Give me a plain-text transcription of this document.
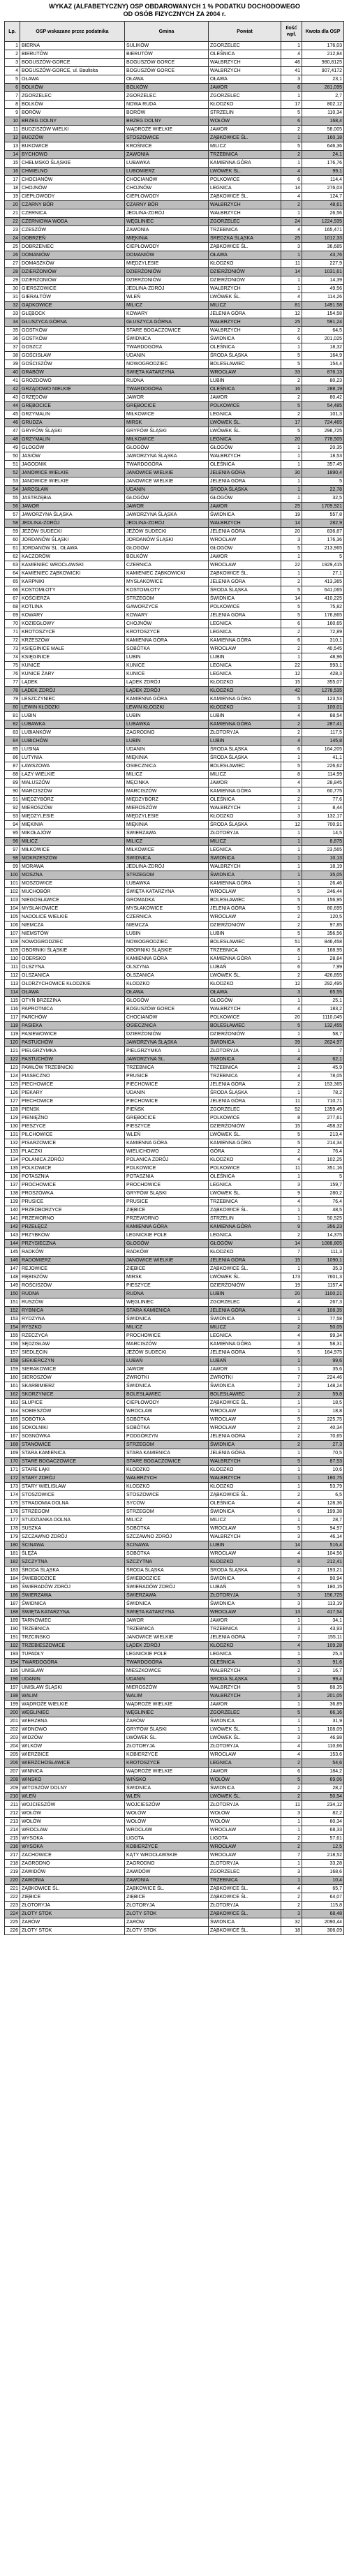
WYKAZ (ALFABETYCZNY) OSP OBDAROWANYCH 1 % PODATKU DOCHODOWEGO
OD OSÓB FIZYCZNYCH ZA 2004 r.
Lp.	OSP wskazane przez podatnika	Gmina	Powiat	Ilość wpł.	Kwota dla OSP
1	BIERNA	SULIKÓW	ZGORZELEC	1	176,03
2	BIERUTÓW	BIERUTÓW	OLEŚNICA	4	212,84
3	BOGUSZÓW-GORCE	BOGUSZÓW GORCE	WAŁBRZYCH	46	980,8125
4	BOGUSZÓW-GORCE, ul. Bauliska	BOGUSZÓW GORCE	WAŁBRZYCH	41	907,4172
5	OŁAWA	OŁAWA	OŁAWA	3	23,1
6	BOLKÓW	BOLKÓW	JAWOR	8	281,095
7	ZGORZELEC	ZGORZELEC	ZGORZELEC	1	2,7
8	BOLKÓW	NOWA RUDA	KŁODZKO	17	802,12
9	BORÓW	BORÓW	STRZELIN	5	110,34
10	BRZEG DOLNY	BRZEG DOLNY	WOŁÓW	6	168,4
11	BUDZISZÓW WIELKI	WĄDROŻE WIELKIE	JAWOR	2	58,005
12	BUDZÓW	STOSZOWICE	ZĄBKOWICE ŚL.	1	160,18
13	BUKOWICE	KROŚNICE	MILICZ	5	646,36
14	BYCHOWO	ZAWONIA	TRZEBNICA	2	24,1
15	CHEŁMSKO ŚLĄSKIE	LUBAWKA	KAMIENNA GÓRA	1	176,76
16	CHMIELNO	LUBOMIERZ	LWÓWEK ŚL.	4	99,1
17	CHOCIANÓW	CHOCIANÓW	POLKOWICE	6	114,4
18	CHOJNÓW	CHOJNÓW	LEGNICA	14	276,03
19	CIEPŁOWODY	CIEPŁOWODY	ZĄBKOWICE ŚL.	4	124,7
20	CZARNY BÓR	CZARNY BÓR	WAŁBRZYCH	2	48,61
21	CZERNICA	JEDLINA-ZDRÓJ	WAŁBRZYCH	1	26,56
22	CZERNIOWA WODA	WĘGLINIEC	ZGORZELEC	24	1224,935
23	CZESZÓW	ZAWONIA	TRZEBNICA	4	165,471
24	DOBRZEŃ	MIĘKINIA	ŚREDZKA ŚLĄSKA	25	1012,33
25	DOBRZENIEC	CIEPŁOWODY	ZĄBKOWICE ŚL.	3	36,685
26	DOMANIÓW	DOMANIÓW	OŁAWA	1	43,76
27	DOMASZKÓW	MIĘDZYLESIE	KŁODZKO	11	227,9
28	DZIERŻONIÓW	DZIERŻONIÓW	DZIERŻONIÓW	14	1031,61
29	DZIERŻONIÓW	DZIERŻONIÓW	DZIERŻONIÓW	1	14,39
30	GIERSZOWICE	JEDLINA-ZDRÓJ	WAŁBRZYCH	1	49,56
31	GIERAŁTÓW	WLEŃ	LWÓWEK ŚL.	4	114,26
32	GĄDKOWICE	MILICZ	MILICZ	81	1491,58
33	GŁĘBOCK	KOWARY	JELENIA GÓRA	12	154,58
34	GŁUSZYCA GÓRNA	GŁUSZYCA GÓRNA	WAŁBRZYCH	25	591,24
35	GOSTKÓW	STARE BOGACZOWICE	WAŁBRZYCH	2	64,5
36	GOSTKÓW	ŚWIDNICA	ŚWIDNICA	6	201,025
37	GOSZCZ	TWARDOGÓRA	OLEŚNICA	1	18,32
38	GOŚCISŁAW	UDANIN	ŚRODA ŚLĄSKA	5	164,9
39	GOŚCISZÓW	NOWOGRODZIEC	BOLESŁAWIEC	5	154,4
40	GRABÓW	ŚWIĘTA KATARZYNA	WROCŁAW	33	876,13
41	GROZDOWO	RUDNA	LUBIN	2	80,23
42	GRZĄDOWO NIELKIE	TWARDOGÓRA	OLEŚNICA	16	288,19
43	GRZĘDÓW	JAWOR	JAWOR	2	80,42
44	GRĘBOCICE	GRĘBOCICE	POLKOWICE	5	54,485
45	GRZYMALIN	MIŁKOWICE	LEGNICA	2	101,3
46	GRUDZA	MIRSK	LWÓWEK ŚL.	17	724,465
47	GRYFÓW ŚLĄSKI	GRYFÓW ŚLĄSKI	LWÓWEK ŚL.	5	296,725
48	GRZYMALIN	MIŁKOWICE	LEGNICA	20	778,505
49	GŁOGÓW	GŁOGÓW	GŁOGÓW	1	20,35
50	JASIÓW	JAWORZYNA ŚLĄSKA	WAŁBRZYCH	1	18,53
51	JAGODNIK	TWARDOGÓRA	OLEŚNICA	1	357,45
52	JANOWICE WIELKIE	JANOWICE WIELKIE	JELENIA GÓRA	30	1890,4
53	JANOWICE WIELKIE	JANOWICE WIELKIE	JELENIA GÓRA	1	5
54	JAROSŁAW	UDANIN	ŚRODA ŚLĄSKA	1	22,78
55	JASTRZĘBIA	GŁOGÓW	GŁOGÓW	1	32,5
56	JAWOR	JAWOR	JAWOR	25	1709,921
57	JAWORZYNA ŚLĄSKA	JAWORZYNA ŚLĄSKA	ŚWIDNICA	19	557,8
58	JEDLINA-ZDRÓJ	JEDLINA-ZDRÓJ	WAŁBRZYCH	14	282,9
59	JEŻÓW SUDECKI	JEŻÓW SUDECKI	JELENIA GÓRA	20	836,87
60	JORDANÓW ŚLĄSKI	JORDANÓW ŚLĄSKI	WROCŁAW	3	176,36
61	JORDANÓW ŚL. OŁAWA	GŁOGÓW	GŁOGÓW	5	213,965
62	KACZORÓW	BOLKÓW	JAWOR	1	5
63	KAMIENIEC WROCŁAWSKI	CZERNICA	WROCŁAW	22	1929,415
64	KAMIENIEC ZĄBKOWICKI	KAMIENIEC ZĄBKOWICKI	ZĄBKOWICE ŚL.	1	27,1
65	KARPNIKI	MYSŁAKOWICE	JELENIA GÓRA	2	413,365
66	KOSTOMŁOTY	KOSTOMŁOTY	ŚRODA ŚLĄSKA	5	641,065
67	KOŚCIERZA	STRZEGOM	ŚWIDNICA	14	410,225
68	KOTLINA	GAWORZYCE	POLKOWICE	5	75,82
69	KOWARY	KOWARY	JELENIA GÓRA	5	176,865
70	KOZIEGŁOWY	CHOJNÓW	LEGNICA	6	160,65
71	KROTOSZYCE	KROTOSZYCE	LEGNICA	2	72,89
72	KRZESZÓW	KAMIENNA GÓRA	KAMIENNA GÓRA	6	310,1
73	KSIĘGINICE MAŁE	SOBÓTKA	WROCŁAW	2	40,545
74	KSIĘGINICE	LUBIN	LUBIN	1	48,96
75	KUNICE	KUNICE	LEGNICA	22	993,1
76	KUNICE ŻARY	KUNICE	LEGNICA	12	428,3
77	LĄDEK	LĄDEK ZDRÓJ	KŁODZKO	15	355,07
78	LĄDEK ZDRÓJ	LĄDEK ZDRÓJ	KŁODZKO	42	1278,535
79	LESZCZYNIEC	KAMIENNA GÓRA	KAMIENNA GÓRA	5	123,53
80	LEWIN KŁODZKI	LEWIN KŁODZKI	KŁODZKO	1	100,01
81	LUBIN	LUBIN	LUBIN	4	88,54
82	LUBAWKA	LUBAWKA	KAMIENNA GÓRA	2	287,41
83	LUBIANKÓW	ZAGRODNO	ZŁOTORYJA	2	117,5
84	LUBICHÓW	LUBIN	LUBIN	4	145,8
85	LUSINA	UDANIN	ŚRODA ŚLĄSKA	6	164,205
86	LUTYNIA	MIĘKINIA	ŚRODA ŚLĄSKA	1	41,1
87	ŁAWSZOWA	OSIECZNICA	BOLESŁAWIEC	5	226,62
88	ŁAZY WIELKIE	MILICZ	MILICZ	8	114,99
89	MALUSZÓW	MĘCINKA	JAWOR	4	28,845
90	MARCISZÓW	MARCISZÓW	KAMIENNA GÓRA	3	60,775
91	MIĘDZYBÓRZ	MIĘDZYBÓRZ	OLEŚNICA	2	77,6
92	MIEROSZÓW	MIEROSZÓW	WAŁBRZYCH	1	8,44
93	MIĘDZYLESIE	MIĘDZYLESIE	KŁODZKO	3	132,17
94	MIĘKINIA	MIĘKINIA	ŚRODA ŚLĄSKA	12	700,91
95	MIKOŁAJÓW	ŚWIERZAWA	ZŁOTORYJA	1	14,5
96	MILICZ	MILICZ	MILICZ	1	8,875
97	MIŁKOWICE	MIŁKOWICE	LEGNICA	1	23,565
98	MOKRZESZÓW	ŚWIDNICA	ŚWIDNICA	1	10,13
99	MORAWA	JEDLINA-ZDRÓJ	WAŁBRZYCH	1	18,19
100	MOSZNA	STRZEGOM	ŚWIDNICA	1	35,05
101	MOSZOWICE	LUBAWKA	KAMIENNA GÓRA	1	26,46
102	MUCHOBÓR	ŚWIĘTA KATARZYNA	WROCŁAW	5	246,44
103	NIEGOSŁAWICE	GROMADKA	BOLESŁAWIEC	5	156,95
104	MYSŁAKOWICE	MYSŁAKOWICE	JELENIA GÓRA	5	80,695
105	NADOLICE WIELKIE	CZERNICA	WROCŁAW	2	120,5
106	NIEMCZA	NIEMCZA	DZIERŻONIÓW	2	97,85
107	NIEMSTÓW	LUBIN	LUBIN	5	356,56
108	NOWOGRODZIEC	NOWOGRODZIEC	BOLESŁAWIEC	51	846,458
109	OBORNIKI ŚLĄSKIE	OBORNIKI ŚLĄSKIE	TRZEBNICA	8	168,95
110	ODERSKO	KAMIENNA GÓRA	KAMIENNA GÓRA	1	28,84
111	OLSZYNA	OLSZYNA	LUBAŃ	6	7,99
112	OLSZANICA	OLSZANICA	LWÓWEK ŚL.	2	426,855
113	OŁDRZYCHOWICE KŁODZKIE	KŁODZKO	KŁODZKO	12	292,495
114	OŁAWA	OŁAWA	OŁAWA	3	65,55
115	OTYŃ BRZEZINA	GŁOGÓW	GŁOGÓW	1	25,1
116	PAPROTNICA	BOGUSZÓW GORCE	WAŁBRZYCH	4	183,2
117	PARCHÓW	CHOCIANÓW	POLKOWICE	20	1110,045
118	PASIEKA	OSIECZNICA	BOLESŁAWIEC	5	132,455
119	PASIEWOWICE	DZIERŻONIÓW	DZIERŻONIÓW	1	58,7
120	PASTUCHÓW	JAWORZYNA ŚLĄSKA	ŚWIDNICA	39	2624,97
121	PIELGRZYMKA	PIELGRZYMKA	ZŁOTORYJA	1	7
122	PASTUCHÓW	JAWORZYNA ŚL.	ŚWIDNICA	4	62,1
123	PAWŁÓW TRZEBNICKI	TRZEBNICA	TRZEBNICA	1	45,9
124	PIASECZNO	PRUSICE	TRZEBNICA	4	78,05
125	PIECHOWICE	PIECHOWICE	JELENIA GÓRA	2	153,365
126	PIEKARY	UDANIN	ŚRODA ŚLĄSKA	1	78,2
127	PIECHOWICE	PIECHOWICE	JELENIA GÓRA	11	710,71
128	PIENSK	PIEŃSK	ZGORZELEC	52	1359,49
129	PIENIĘŻNO	GRĘBOCICE	POLKOWICE	8	277,61
130	PIESZYCE	PIESZYCE	DZIERŻONIÓW	15	458,32
131	PILCHOWICE	WLEŃ	LWÓWEK ŚL.	5	213,4
132	PISARZOWICE	KAMIENNA GÓRA	KAMIENNA GÓRA	5	214,34
133	PLACZKI	WIELICHOWO	GÓRA	2	76,4
134	POLANICA ZDRÓJ	POLANICA ZDRÓJ	KŁODZKO	4	102,25
135	POLKOWICE	POLKOWICE	POLKOWICE	11	351,16
136	POTASZNIA	POTASZNIA	OLEŚNICA	1	5
137	PROCHOWICE	PROCHOWICE	LEGNICA	3	159,7
138	PROSZÓWKA	GRYFÓW ŚLĄSKI	LWÓWEK ŚL.	9	280,2
139	PRUSICE	PRUSICE	TRZEBNICA	4	76,4
140	PRZEDBORZYCE	ZIĘBICE	ZĄBKOWICE ŚL.	1	48,5
141	PRZEWORNO	PRZEWORNO	STRZELIN	1	50,525
142	PRZEŁĘCZ	KAMIENNA GÓRA	KAMIENNA GÓRA	9	356,23
143	PRZYBKÓW	LEGNICKIE POLE	LEGNICA	2	14,375
144	PRZYSIECZNA	GŁOGÓW	GŁOGÓW	14	1088,805
145	RADKÓW	RADKÓW	KŁODZKO	7	111,3
146	RADOMIERZ	JANOWICE WIELKIE	JELENIA GÓRA	15	1090,1
147	REJOWICE	ZIĘBICE	ZĄBKOWICE ŚL.	1	35,3
148	RĘBISZÓW	MIRSK	LWÓWEK ŚL.	173	7601,3
149	ROŚCISZÓW	PIESZYCE	DZIERŻONIÓW	19	1157,4
150	RUDNA	RUDNA	LUBIN	20	1100,21
151	RUSZÓW	WĘGLINIEC	ZGORZELEC	4	267,3
152	RYBNICA	STARA KAMIENICA	JELENIA GÓRA	4	108,35
153	RYDZYNA	ŚWIDNICA	ŚWIDNICA	1	77,58
154	RYSZKO	MILICZ	MILICZ	2	50,05
155	RZECZYCA	PROCHOWICE	LEGNICA	4	99,34
156	SĘDZISŁAW	MARCISZÓW	KAMIENNA GÓRA	3	58,31
157	SIEDLĘCIN	JEŻÓW SUDECKI	JELENIA GÓRA	5	164,975
158	SIEKIERCZYN	LUBAŃ	LUBAŃ	1	99,6
159	SIERAKOWICE	JAWOR	JAWOR	1	35,6
160	SIEROSZÓW	ZWROTKI	ZWROTKI	7	224,46
161	SKARBIMIERZ	ŚWIDNICA	ŚWIDNICA	2	148,24
162	SKORZYNICE	BOLESŁAWIEC	BOLESŁAWIEC	2	59,8
163	SŁUPICE	CIEPŁOWODY	ZĄBKOWICE ŚL.	1	18,5
164	SOBIESZÓW	WROCŁAW	WROCŁAW	1	18,8
165	SOBÓTKA	SOBÓTKA	WROCŁAW	5	225,75
166	SOKOLNIKI	SOBÓTKA	WROCŁAW	2	40,34
167	SOSNÓWKA	PODGÓRZYN	JELENIA GÓRA	2	70,65
168	STANOWICE	STRZEGOM	ŚWIDNICA	2	27,3
169	STARA KAMIENICA	STARA KAMIENICA	JELENIA GÓRA	1	70,5
170	STARE BOGACZOWICE	STARE BOGACZOWICE	WAŁBRZYCH	5	87,53
171	STARE ŁĄKI	KŁODZKO	KŁODZKO	1	10,6
172	STARY ZDRÓJ	WAŁBRZYCH	WAŁBRZYCH	1	180,75
173	STARY WIELISŁAW	KŁODZKO	KŁODZKO	1	53,79
174	STOSZOWICE	STOSZOWICE	ZĄBKOWICE ŚL.	2	6,5
175	STRADOMIA DOLNA	SYCÓW	OLEŚNICA	4	128,36
176	STRZEGOM	STRZEGOM	ŚWIDNICA	6	199,38
177	STUDZIANKA DOLNA	MILICZ	MILICZ	1	28,7
178	SUSZKA	SOBÓTKA	WROCŁAW	5	94,97
179	SZCZAWNO ZDRÓJ	SZCZAWNO ZDRÓJ	WAŁBRZYCH	3	46,14
180	ŚCINAWA	ŚCINAWA	LUBIN	14	516,4
181	ŚLĘŻA	SOBÓTKA	WROCŁAW	4	104,56
182	SZCZYTNA	SZCZYTNA	KŁODZKO	8	212,41
183	ŚRODA ŚLĄSKA	ŚRODA ŚLĄSKA	ŚRODA ŚLĄSKA	2	193,21
184	ŚWIEBODZICE	ŚWIEBODZICE	ŚWIDNICA	4	90,94
185	ŚWIERADÓW ZDRÓJ	ŚWIERADÓW ZDRÓJ	LUBAŃ	5	180,15
186	ŚWIERZAWA	ŚWIERZAWA	ZŁOTORYJA	3	156,725
187	ŚWIDNICA	ŚWIDNICA	ŚWIDNICA	3	113,19
188	ŚWIĘTA KATARZYNA	ŚWIĘTA KATARZYNA	WROCŁAW	13	417,54
189	TARNOWIEC	JAWOR	JAWOR	1	34,1
190	TRZEBNICA	TRZEBNICA	TRZEBNICA	3	43,93
191	TRZCINSKO	JANOWICE WIELKIE	JELENIA GÓRA	7	155,11
192	TRZEBIESZOWICE	LĄDEK ZDRÓJ	KŁODZKO	4	109,28
193	TUPADŁY	LEGNICKIE POLE	LEGNICA	1	25,3
194	TWARDOGÓRA	TWARDOGÓRA	OLEŚNICA	3	91,6
195	UNISŁAW	MIESZKOWICE	WAŁBRZYCH	2	16,7
196	UDANIN	UDANIN	ŚRODA ŚLĄSKA	1	99,4
197	UNISŁAW ŚLĄSKI	MIEROSZÓW	WAŁBRZYCH	5	88,35
198	WALIM	WALIM	WAŁBRZYCH	3	201,05
199	WĄDROŻE WIELKIE	WĄDROŻE WIELKIE	JAWOR	1	36,89
200	WĘGLINIEC	WĘGLINIEC	ZGORZELEC	5	66,16
201	WIERZBNA	ŻARÓW	ŚWIDNICA	1	31,9
202	WIDNOWO	GRYFÓW ŚLĄSKI	LWÓWEK ŚL.	1	108,09
203	WIDZÓW	LWÓWEK ŚL.	LWÓWEK ŚL.	3	46,98
204	WILKÓW	ZŁOTORYJA	ZŁOTORYJA	4	110,66
205	WIERZBICE	KOBIERZYCE	WROCŁAW	4	153,6
206	WIERZCHOSŁAWICE	KROTOSZYCE	LEGNICA	2	54,6
207	WINNICA	WĄDROŻE WIELKIE	JAWOR	6	184,2
208	WINSKO	WIŃSKO	WOŁÓW	5	69,06
209	WITOSZÓW DOLNY	ŚWIDNICA	ŚWIDNICA	2	28,2
210	WLEŃ	WLEŃ	LWÓWEK ŚL.	2	50,54
211	WOJCIESZÓW	WOJCIESZÓW	ZŁOTORYJA	11	234,12
212	WOŁÓW	WOŁÓW	WOŁÓW	3	82,2
213	WOŁÓW	WOŁÓW	WOŁÓW	1	60,34
214	WROCŁAW	WROCŁAW	WROCŁAW	1	68,33
215	WYSOKA	LIGOTA	LIGOTA	2	57,61
216	WYSOKA	KOBIERZYCE	WROCŁAW	2	12,5
217	ZACHOWICE	KĄTY WROCŁAWSKIE	WROCŁAW	7	218,52
218	ZAGRODNO	ZAGRODNO	ZŁOTORYJA	1	33,28
219	ZAWIDÓW	ZAWIDÓW	ZGORZELEC	3	168,6
220	ZAWONIA	ZAWONIA	TRZEBNICA	1	10,4
221	ZĄBKOWICE ŚL.	ZĄBKOWICE ŚL.	ZĄBKOWICE ŚL.	4	65,7
222	ZIĘBICE	ZIĘBICE	ZĄBKOWICE ŚL.	2	64,07
223	ZŁOTORYJA	ZŁOTORYJA	ZŁOTORYJA	2	115,8
224	ZŁOTY STOK	ZŁOTY STOK	ZĄBKOWICE ŚL.	3	68,48
225	ŻARÓW	ŻARÓW	ŚWIDNICA	32	2090,44
226	ZŁOTY STOK	ZŁOTY STOK	ZĄBKOWICE ŚL.	18	306,09
